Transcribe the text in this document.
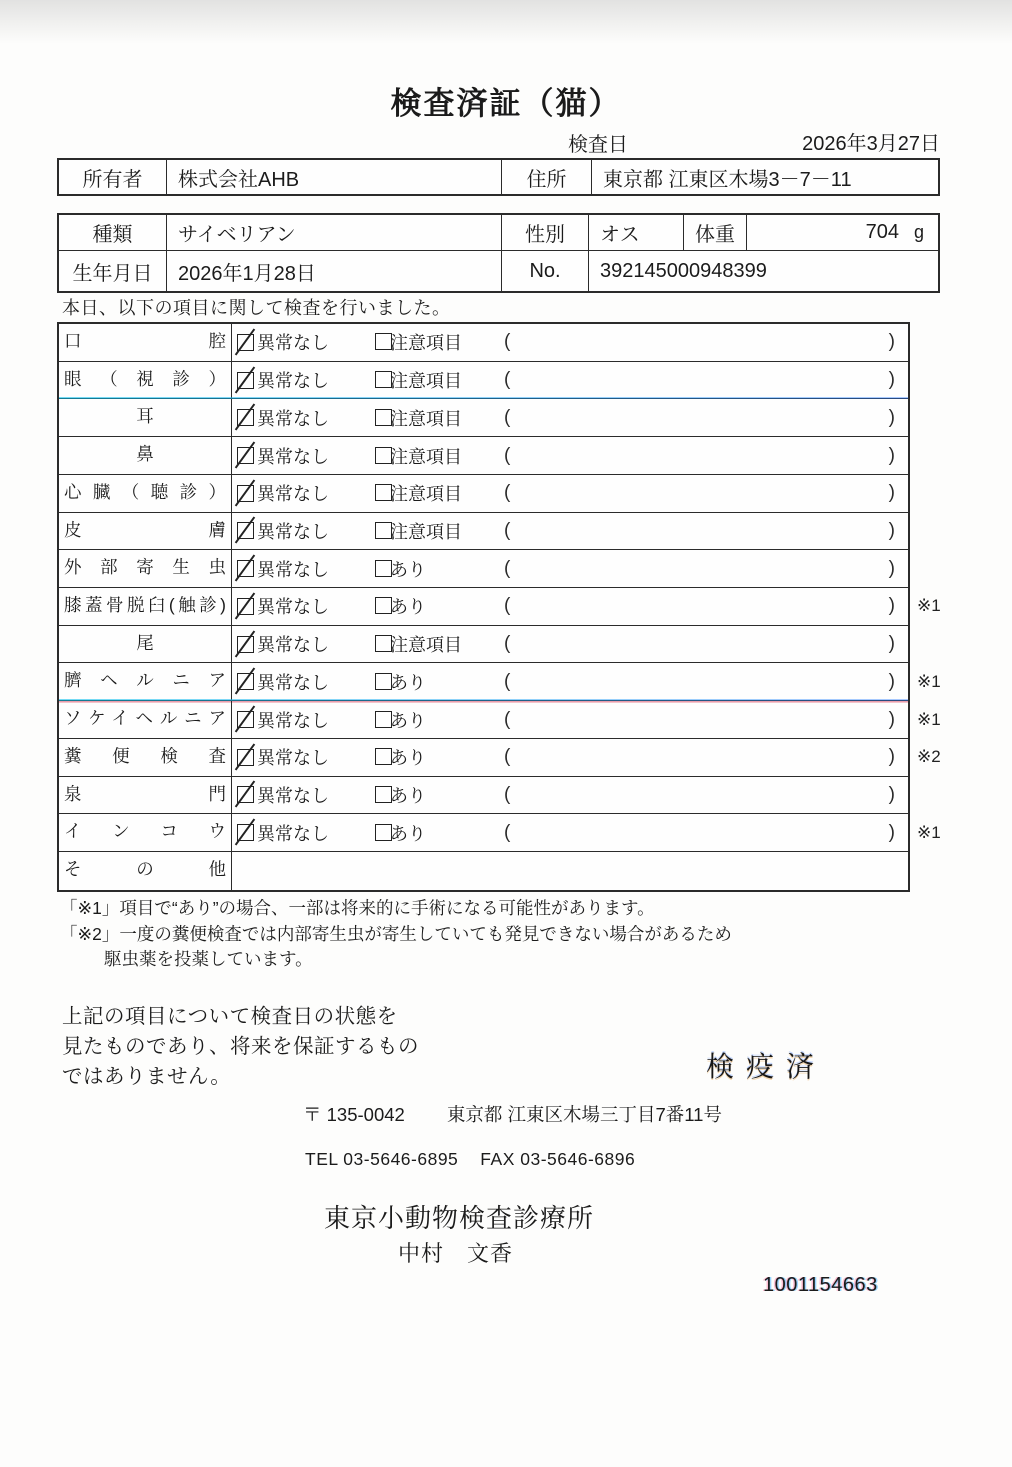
検査済証（猫）
検査日	2026年3月27日
所有者	株式会社AHB	住所	東京都 江東区木場3－7－11
種類	サイベリアン	性別	オス	体重	704 g
生年月日	2026年1月28日	No.	392145000948399
本日、以下の項目に関して検査を行いました。
口腔	異常なし	注意項目 (	)
眼（視診）	異常なし	注意項目 (	)
耳	異常なし	注意項目 (	)
鼻	異常なし	注意項目 (	)
心臓（聴診）	異常なし	注意項目 (	)
皮膚	異常なし	注意項目 (	)
外部寄生虫	異常なし	あり	(	)
膝蓋骨脱臼(触診)	異常なし	あり	(	) ※1
尾	異常なし	注意項目 (	)
臍ヘルニア	異常なし	あり	(	) ※1
ソケイヘルニア	異常なし	あり	(	) ※1
糞便検査	異常なし	あり	(	) ※2
泉門	異常なし	あり	(	)
インコウ	異常なし	あり	(	) ※1
その他
「※1」項目で“あり”の場合、一部は将来的に手術になる可能性があります。
「※2」一度の糞便検査では内部寄生虫が寄生していても発見できない場合があるため
駆虫薬を投薬しています。
上記の項目について検査日の状態を
見たものであり、将来を保証するもの
ではありません。	検疫済
〒 135-0042 東京都 江東区木場三丁目7番11号
TEL 03-5646-6895 FAX 03-5646-6896
東京小動物検査診療所
中村　文香
1001154663
